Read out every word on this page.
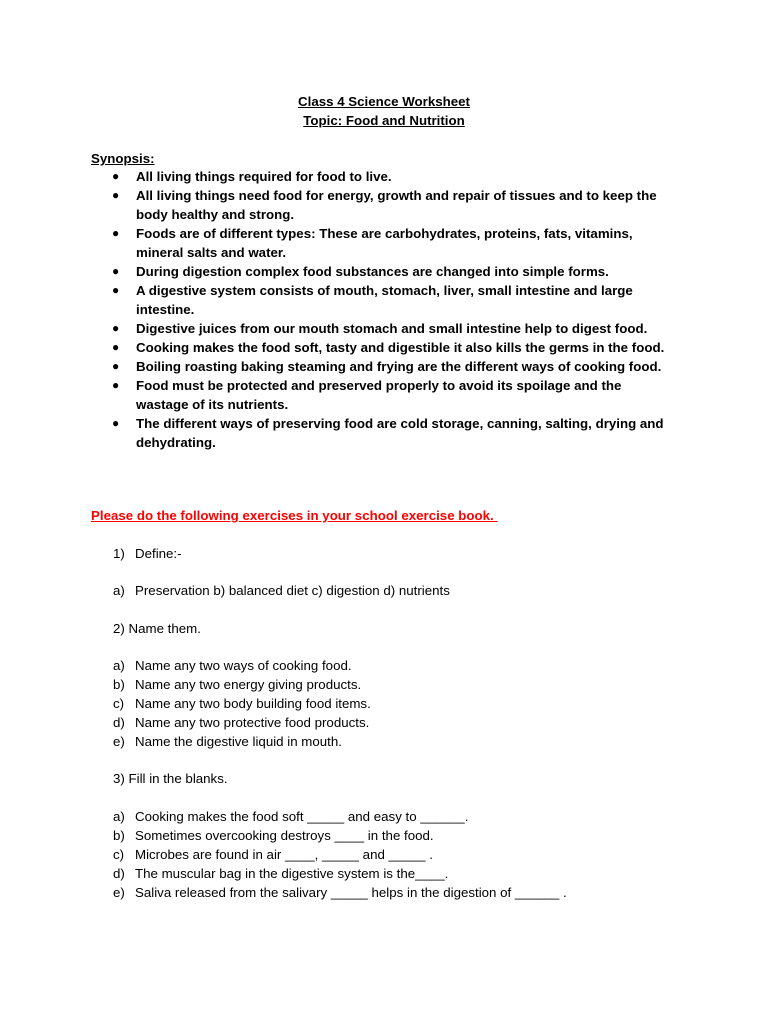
Class 4 Science Worksheet

Topic: Food and Nutrition

Synopsis:

● All living things required for food to live.
● All living things need food for energy, growth and repair of tissues and to keep the body healthy and strong.
● Foods are of different types: These are carbohydrates, proteins, fats, vitamins, mineral salts and water.
● During digestion complex food substances are changed into simple forms.
● A digestive system consists of mouth, stomach, liver, small intestine and large intestine.
● Digestive juices from our mouth stomach and small intestine help to digest food.
● Cooking makes the food soft, tasty and digestible it also kills the germs in the food.
● Boiling roasting baking steaming and frying are the different ways of cooking food.
● Food must be protected and preserved properly to avoid its spoilage and the wastage of its nutrients.
● The different ways of preserving food are cold storage, canning, salting, drying and dehydrating.

Please do the following exercises in your school exercise book.

1) Define:-

a) Preservation b) balanced diet c) digestion d) nutrients

2) Name them.

a) Name any two ways of cooking food.
b) Name any two energy giving products.
c) Name any two body building food items.
d) Name any two protective food products.
e) Name the digestive liquid in mouth.

3) Fill in the blanks.

a) Cooking makes the food soft _____ and easy to ______.
b) Sometimes overcooking destroys ____ in the food.
c) Microbes are found in air ____, _____ and _____ .
d) The muscular bag in the digestive system is the____.
e) Saliva released from the salivary _____ helps in the digestion of ______ .
